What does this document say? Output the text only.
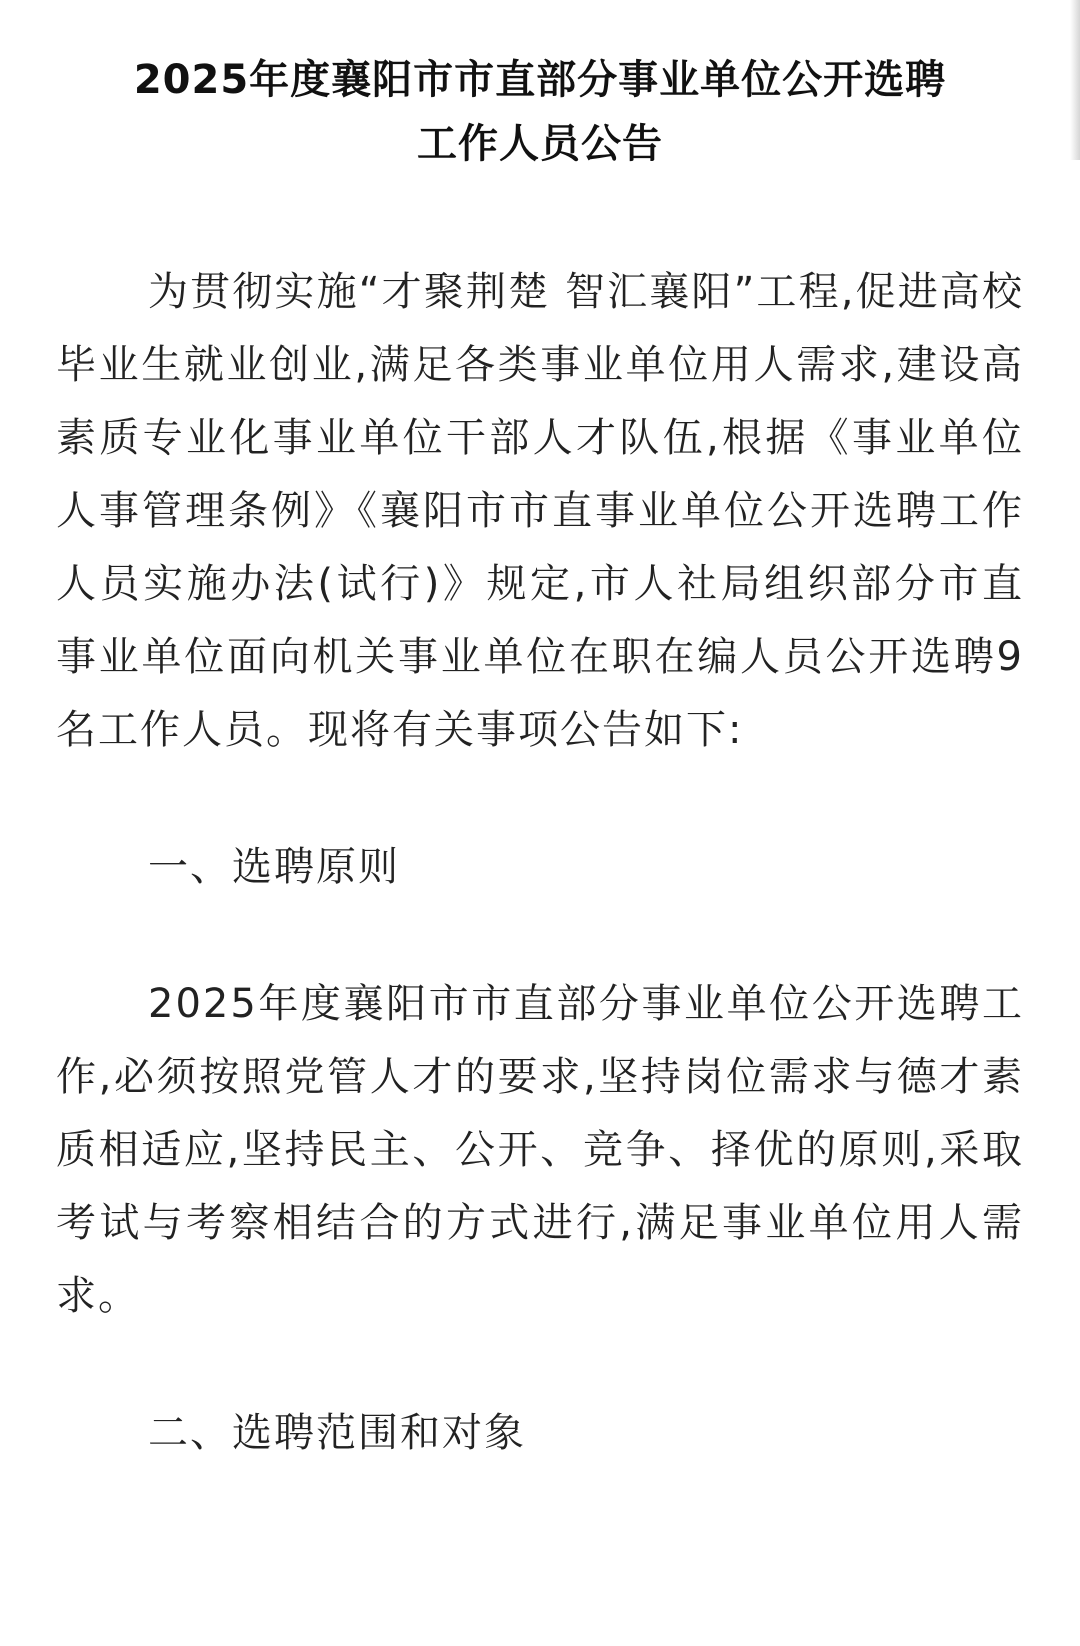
2025年度襄阳市市直部分事业单位公开选聘
工作人员公告

为贯彻实施“才聚荆楚 智汇襄阳”工程,促进高校毕业生就业创业,满足各类事业单位用人需求,建设高素质专业化事业单位干部人才队伍,根据《事业单位人事管理条例》《襄阳市市直事业单位公开选聘工作人员实施办法(试行)》规定,市人社局组织部分市直事业单位面向机关事业单位在职在编人员公开选聘9名工作人员。现将有关事项公告如下:

一、选聘原则

2025年度襄阳市市直部分事业单位公开选聘工作,必须按照党管人才的要求,坚持岗位需求与德才素质相适应,坚持民主、公开、竞争、择优的原则,采取考试与考察相结合的方式进行,满足事业单位用人需求。

二、选聘范围和对象
